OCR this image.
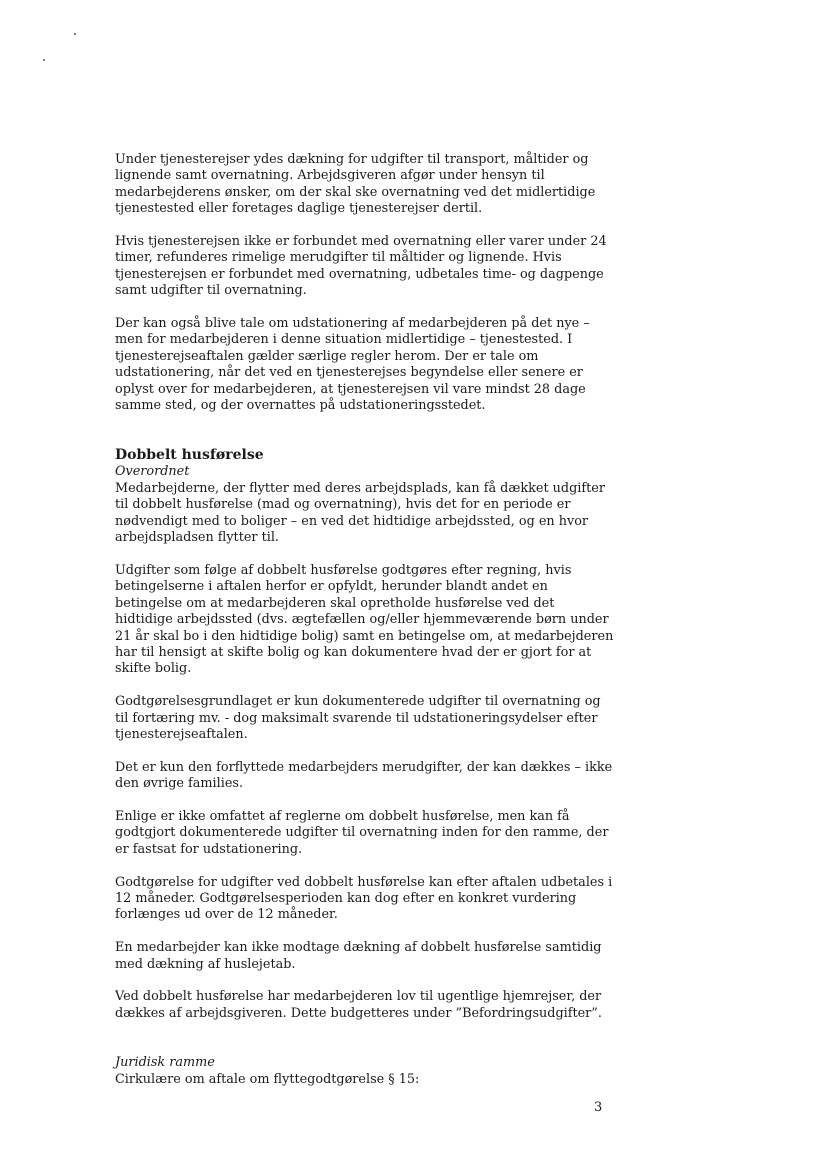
Under tjenesterejser ydes dækning for udgifter til transport, måltider og lignende samt overnatning. Arbejdsgiveren afgør under hensyn til medarbejderens ønsker, om der skal ske overnatning ved det midlertidige tjenestested eller foretages daglige tjenesterejser dertil.

Hvis tjenesterejsen ikke er forbundet med overnatning eller varer under 24 timer, refunderes rimelige merudgifter til måltider og lignende. Hvis tjenesterejsen er forbundet med overnatning, udbetales time- og dagpenge samt udgifter til overnatning.

Der kan også blive tale om udstationering af medarbejderen på det nye – men for medarbejderen i denne situation midlertidige – tjenestested. I tjenesterejseaftalen gælder særlige regler herom. Der er tale om udstationering, når det ved en tjenesterejses begyndelse eller senere er oplyst over for medarbejderen, at tjenesterejsen vil vare mindst 28 dage samme sted, og der overnattes på udstationeringsstedet.

Dobbelt husførelse
Overordnet

Medarbejderne, der flytter med deres arbejdsplads, kan få dækket udgifter til dobbelt husførelse (mad og overnatning), hvis det for en periode er nødvendigt med to boliger – en ved det hidtidige arbejdssted, og en hvor arbejdspladsen flytter til.

Udgifter som følge af dobbelt husførelse godtgøres efter regning, hvis betingelserne i aftalen herfor er opfyldt, herunder blandt andet en betingelse om at medarbejderen skal opretholde husførelse ved det hidtidige arbejdssted (dvs. ægtefællen og/eller hjemmeværende børn under 21 år skal bo i den hidtidige bolig) samt en betingelse om, at medarbejderen har til hensigt at skifte bolig og kan dokumentere hvad der er gjort for at skifte bolig.

Godtgørelsesgrundlaget er kun dokumenterede udgifter til overnatning og til fortæring mv. - dog maksimalt svarende til udstationeringsydelser efter tjenesterejseaftalen.

Det er kun den forflyttede medarbejders merudgifter, der kan dækkes – ikke den øvrige families.

Enlige er ikke omfattet af reglerne om dobbelt husførelse, men kan få godtgjort dokumenterede udgifter til overnatning inden for den ramme, der er fastsat for udstationering.

Godtgørelse for udgifter ved dobbelt husførelse kan efter aftalen udbetales i 12 måneder. Godtgørelsesperioden kan dog efter en konkret vurdering forlænges ud over de 12 måneder.

En medarbejder kan ikke modtage dækning af dobbelt husførelse samtidig med dækning af huslejetab.

Ved dobbelt husførelse har medarbejderen lov til ugentlige hjemrejser, der dækkes af arbejdsgiveren. Dette budgetteres under ”Befordringsudgifter”.

Juridisk ramme
Cirkulære om aftale om flyttegodtgørelse § 15:
3
